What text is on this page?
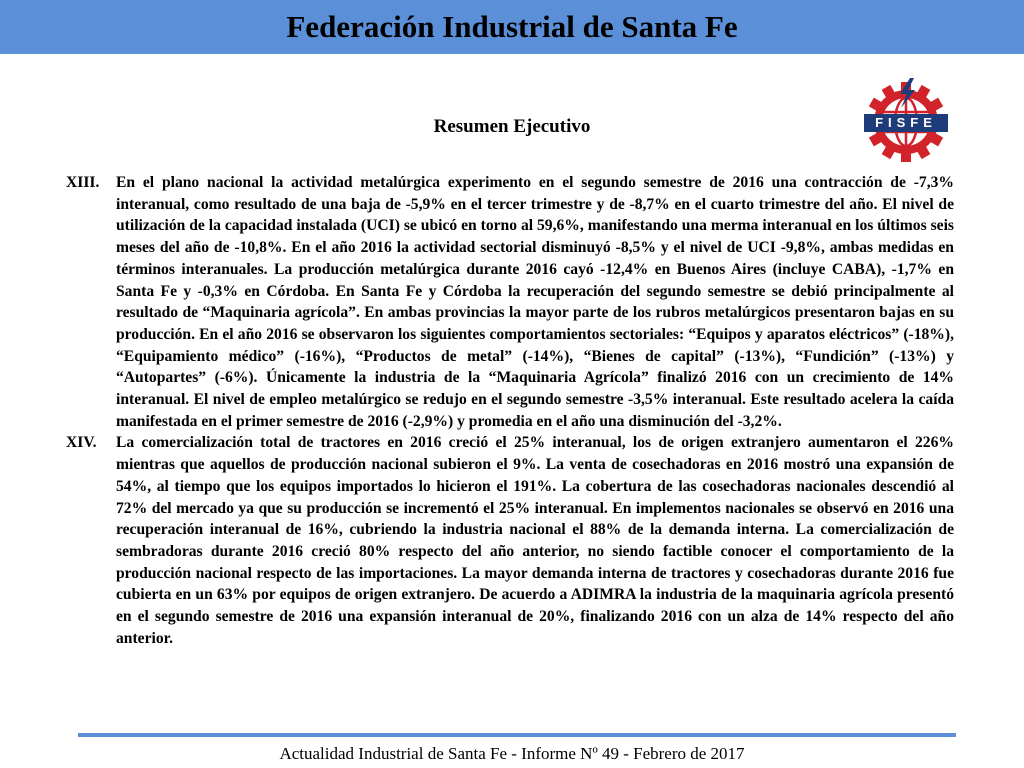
Federación Industrial de Santa Fe
FISFE
Resumen Ejecutivo
XIII.	En el plano nacional la actividad metalúrgica experimento en el segundo semestre de 2016 una contracción de -7,3% interanual, como resultado de una baja de -5,9% en el tercer trimestre y de -8,7% en el cuarto trimestre del año. El nivel de utilización de la capacidad instalada (UCI) se ubicó en torno al 59,6%, manifestando una merma interanual en los últimos seis meses del año de -10,8%. En el año 2016 la actividad sectorial disminuyó -8,5% y el nivel de UCI -9,8%, ambas medidas en términos interanuales. La producción metalúrgica durante 2016 cayó -12,4% en Buenos Aires (incluye CABA), -1,7% en Santa Fe y -0,3% en Córdoba. En Santa Fe y Córdoba la recuperación del segundo semestre se debió principalmente al resultado de “Maquinaria agrícola”. En ambas provincias la mayor parte de los rubros metalúrgicos presentaron bajas en su producción. En el año 2016 se observaron los siguientes comportamientos sectoriales: “Equipos y aparatos eléctricos” (-18%), “Equipamiento médico” (-16%), “Productos de metal” (-14%), “Bienes de capital” (-13%), “Fundición” (-13%) y “Autopartes” (-6%). Únicamente la industria de la “Maquinaria Agrícola” finalizó 2016 con un crecimiento de 14% interanual. El nivel de empleo metalúrgico se redujo en el segundo semestre -3,5% interanual. Este resultado acelera la caída manifestada en el primer semestre de 2016 (-2,9%) y promedia en el año una disminución del -3,2%.

XIV.	La comercialización total de tractores en 2016 creció el 25% interanual, los de origen extranjero aumentaron el 226% mientras que aquellos de producción nacional subieron el 9%. La venta de cosechadoras en 2016 mostró una expansión de 54%, al tiempo que los equipos importados lo hicieron el 191%. La cobertura de las cosechadoras nacionales descendió al 72% del mercado ya que su producción se incrementó el 25% interanual. En implementos nacionales se observó en 2016 una recuperación interanual de 16%, cubriendo la industria nacional el 88% de la demanda interna. La comercialización de sembradoras durante 2016 creció 80% respecto del año anterior, no siendo factible conocer el comportamiento de la producción nacional respecto de las importaciones. La mayor demanda interna de tractores y cosechadoras durante 2016 fue cubierta en un 63% por equipos de origen extranjero. De acuerdo a ADIMRA la industria de la maquinaria agrícola presentó en el segundo semestre de 2016 una expansión interanual de 20%, finalizando 2016 con un alza de 14% respecto del año anterior.

Actualidad Industrial de Santa Fe - Informe Nº 49 - Febrero de 2017
